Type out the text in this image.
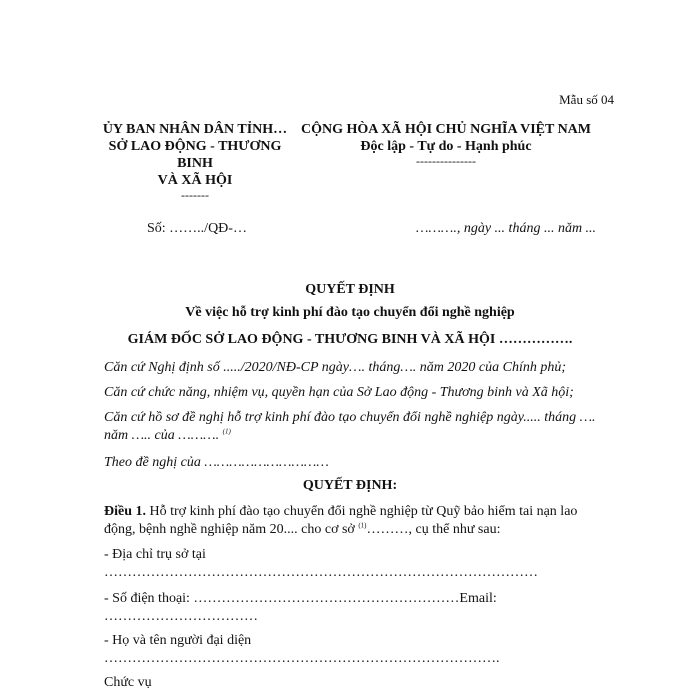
Mẫu số 04
ỦY BAN NHÂN DÂN TỈNH…
SỞ LAO ĐỘNG - THƯƠNG
BINH
VÀ XÃ HỘI
-------
CỘNG HÒA XÃ HỘI CHỦ NGHĨA VIỆT NAM
Độc lập - Tự do - Hạnh phúc
---------------
Số: ……../QĐ-…	………., ngày ... tháng ... năm ...
QUYẾT ĐỊNH
Về việc hỗ trợ kinh phí đào tạo chuyển đổi nghề nghiệp
GIÁM ĐỐC SỞ LAO ĐỘNG - THƯƠNG BINH VÀ XÃ HỘI …………….
Căn cứ Nghị định số ...../2020/NĐ-CP ngày…. tháng…. năm 2020 của Chính phủ;
Căn cứ chức năng, nhiệm vụ, quyền hạn của Sở Lao động - Thương binh và Xã hội;
Căn cứ hồ sơ đề nghị hỗ trợ kinh phí đào tạo chuyển đổi nghề nghiệp ngày..... tháng ….
năm ….. của ………. $^{(1)}$
Theo đề nghị của …………………………
QUYẾT ĐỊNH:
Điều 1. Hỗ trợ kinh phí đào tạo chuyển đổi nghề nghiệp từ Quỹ bảo hiểm tai nạn lao
động, bệnh nghề nghiệp năm 20.... cho cơ sở $^{(1)}$………, cụ thể như sau:
- Địa chỉ trụ sở tại
…………………………………………………………………………………
- Số điện thoại: …………………………………………………Email:
……………………………
- Họ và tên người đại diện
………………………………………………………………………….
Chức vụ
